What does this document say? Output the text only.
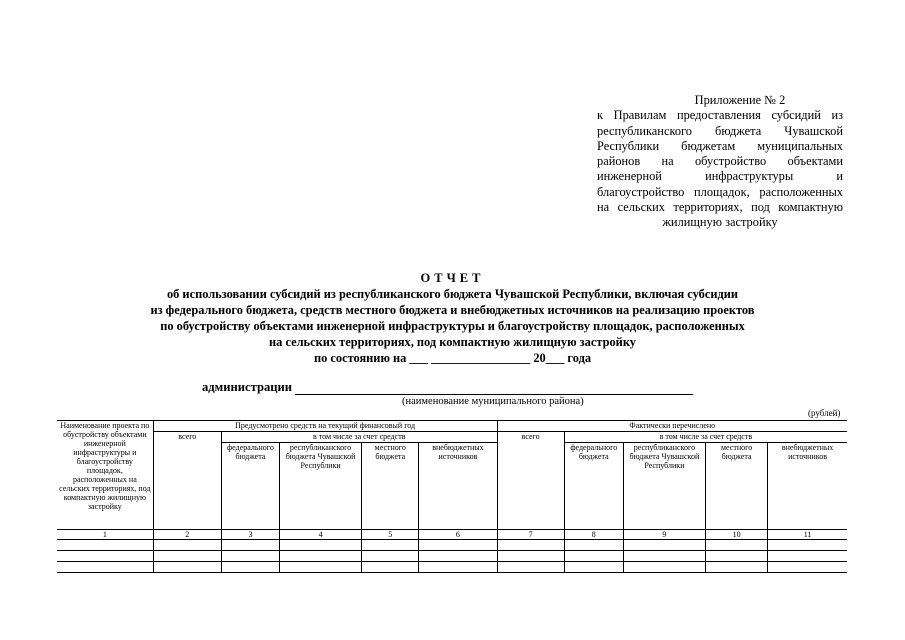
Приложение № 2
к Правилам предоставления субсидий из республиканского бюджета Чувашской Республики бюджетам муниципальных районов на обустройство объектами инженерной инфраструктуры и благоустройство площадок, расположенных на сельских территориях, под компактную жилищную застройку
ОТЧЕТ
об использовании субсидий из республиканского бюджета Чувашской Республики, включая субсидии
из федерального бюджета, средств местного бюджета и внебюджетных источников на реализацию проектов
по обустройству объектами инженерной инфраструктуры и благоустройству площадок, расположенных
на сельских территориях, под компактную жилищную застройку
по состоянию на ___ ________________ 20___ года
администрации
(наименование муниципального района)
(рублей)
Наименование проекта по обустройству объектами инженерной инфраструктуры и благоустройству площадок, расположенных на сельских территориях, под компактную жилищную застройку	Предусмотрено средств на текущий финансовый год					Фактически перечислено				
	всего	в том числе за счет средств				всего	в том числе за счет средств			
		федерального бюджета	республиканского бюджета Чувашской Республики	местного бюджета	внебюджетных источников		федерального бюджета	республиканского бюджета Чувашской Республики	местного бюджета	внебюджетных источников
1	2	3	4	5	6	7	8	9	10	11
